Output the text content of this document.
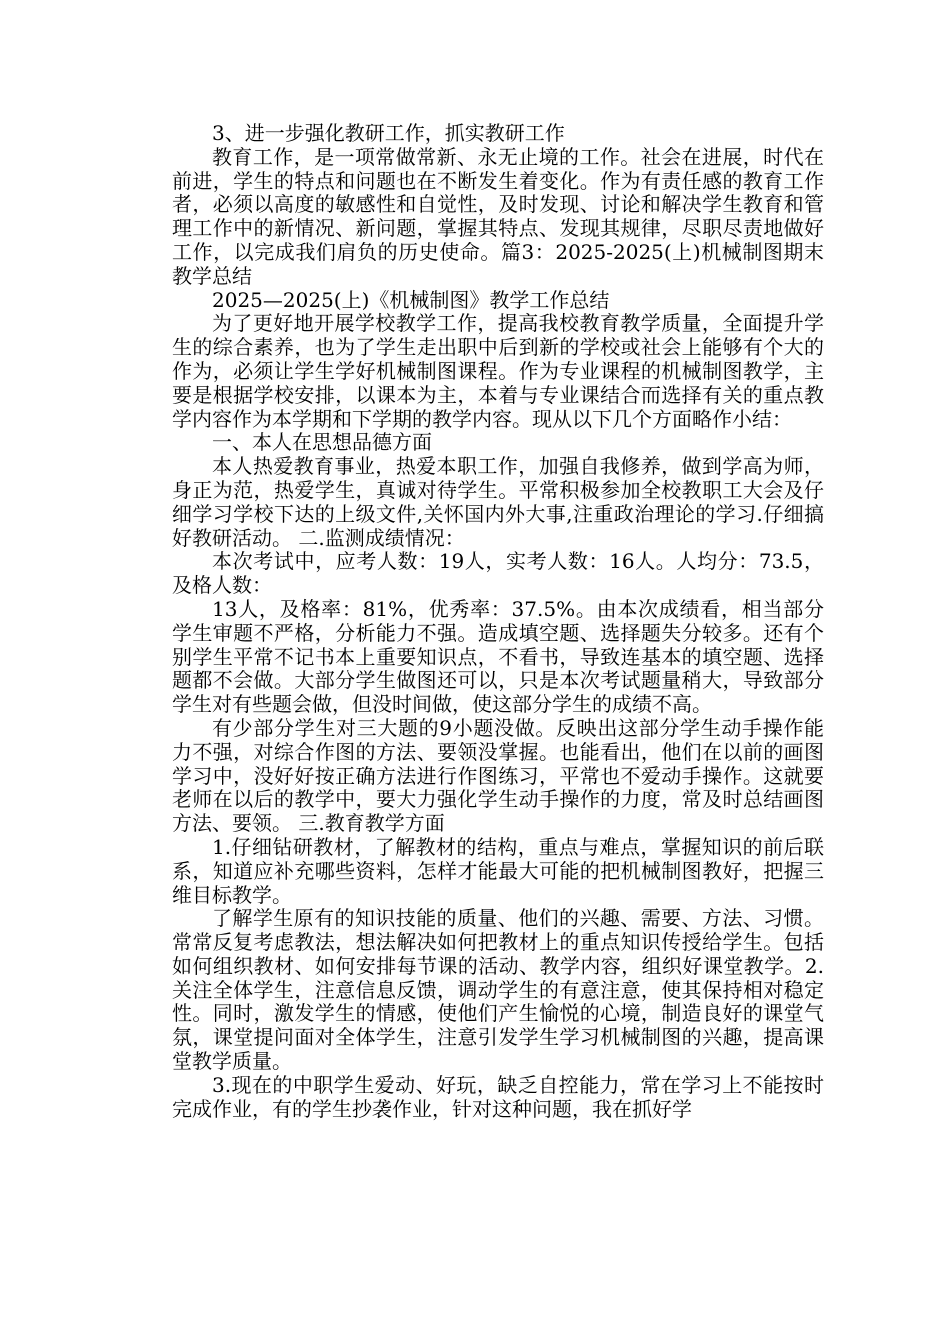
3、进一步强化教研工作，抓实教研工作

教育工作，是一项常做常新、永无止境的工作。社会在进展，时代在前进，学生的特点和问题也在不断发生着变化。作为有责任感的教育工作者，必须以高度的敏感性和自觉性，及时发现、讨论和解决学生教育和管理工作中的新情况、新问题，掌握其特点、发现其规律，尽职尽责地做好工作，以完成我们肩负的历史使命。篇3：2025-2025(上)机械制图期末教学总结

2025—2025(上)《机械制图》教学工作总结

为了更好地开展学校教学工作，提高我校教育教学质量，全面提升学生的综合素养，也为了学生走出职中后到新的学校或社会上能够有个大的作为，必须让学生学好机械制图课程。作为专业课程的机械制图教学，主要是根据学校安排，以课本为主，本着与专业课结合而选择有关的重点教学内容作为本学期和下学期的教学内容。现从以下几个方面略作小结：

一、本人在思想品德方面

本人热爱教育事业，热爱本职工作，加强自我修养，做到学高为师，身正为范，热爱学生，真诚对待学生。平常积极参加全校教职工大会及仔细学习学校下达的上级文件,关怀国内外大事,注重政治理论的学习.仔细搞好教研活动。 二.监测成绩情况：

本次考试中，应考人数：19人，实考人数：16人。人均分：73.5，及格人数：

13人，及格率：81%，优秀率：37.5%。由本次成绩看，相当部分学生审题不严格，分析能力不强。造成填空题、选择题失分较多。还有个别学生平常不记书本上重要知识点，不看书，导致连基本的填空题、选择题都不会做。大部分学生做图还可以，只是本次考试题量稍大，导致部分学生对有些题会做，但没时间做，使这部分学生的成绩不高。

有少部分学生对三大题的9小题没做。反映出这部分学生动手操作能力不强，对综合作图的方法、要领没掌握。也能看出，他们在以前的画图学习中，没好好按正确方法进行作图练习，平常也不爱动手操作。这就要老师在以后的教学中，要大力强化学生动手操作的力度，常及时总结画图方法、要领。 三.教育教学方面

1.仔细钻研教材，了解教材的结构，重点与难点，掌握知识的前后联系，知道应补充哪些资料，怎样才能最大可能的把机械制图教好，把握三维目标教学。

了解学生原有的知识技能的质量、他们的兴趣、需要、方法、习惯。常常反复考虑教法，想法解决如何把教材上的重点知识传授给学生。包括如何组织教材、如何安排每节课的活动、教学内容，组织好课堂教学。2.关注全体学生，注意信息反馈，调动学生的有意注意，使其保持相对稳定性。同时，激发学生的情感，使他们产生愉悦的心境，制造良好的课堂气氛，课堂提问面对全体学生，注意引发学生学习机械制图的兴趣，提高课堂教学质量。

3.现在的中职学生爱动、好玩，缺乏自控能力，常在学习上不能按时完成作业，有的学生抄袭作业，针对这种问题，我在抓好学
